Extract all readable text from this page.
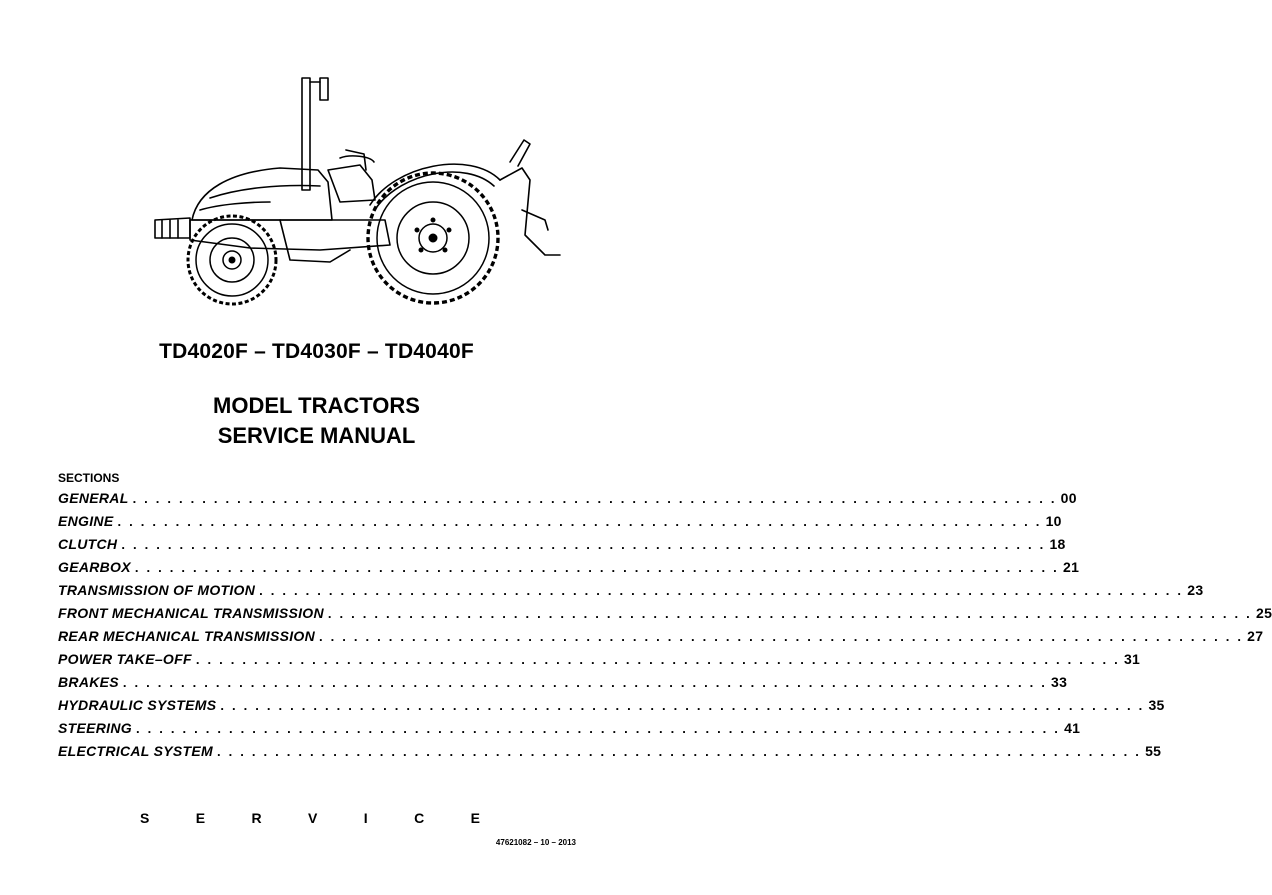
TD4020F – TD4030F – TD4040F
MODEL TRACTORS
SERVICE MANUAL
SECTIONS
GENERAL . . . . . . . . . . . . . . . . . . . . . . . . . . . . . . . . . . . . . . . . . . . . . . . . . . . . . . . . . . . . . . . . . . . . . . . . . . . . . . . . 00
ENGINE . . . . . . . . . . . . . . . . . . . . . . . . . . . . . . . . . . . . . . . . . . . . . . . . . . . . . . . . . . . . . . . . . . . . . . . . . . . . . . . . 10
CLUTCH . . . . . . . . . . . . . . . . . . . . . . . . . . . . . . . . . . . . . . . . . . . . . . . . . . . . . . . . . . . . . . . . . . . . . . . . . . . . . . . . 18
GEARBOX . . . . . . . . . . . . . . . . . . . . . . . . . . . . . . . . . . . . . . . . . . . . . . . . . . . . . . . . . . . . . . . . . . . . . . . . . . . . . . . . 21
TRANSMISSION OF MOTION . . . . . . . . . . . . . . . . . . . . . . . . . . . . . . . . . . . . . . . . . . . . . . . . . . . . . . . . . . . . . . . . . . . . . . . . . . . . . . . . 23
FRONT MECHANICAL TRANSMISSION . . . . . . . . . . . . . . . . . . . . . . . . . . . . . . . . . . . . . . . . . . . . . . . . . . . . . . . . . . . . . . . . . . . . . . . . . . . . . . . . 25
REAR MECHANICAL TRANSMISSION . . . . . . . . . . . . . . . . . . . . . . . . . . . . . . . . . . . . . . . . . . . . . . . . . . . . . . . . . . . . . . . . . . . . . . . . . . . . . . . . 27
POWER TAKE–OFF . . . . . . . . . . . . . . . . . . . . . . . . . . . . . . . . . . . . . . . . . . . . . . . . . . . . . . . . . . . . . . . . . . . . . . . . . . . . . . . . 31
BRAKES . . . . . . . . . . . . . . . . . . . . . . . . . . . . . . . . . . . . . . . . . . . . . . . . . . . . . . . . . . . . . . . . . . . . . . . . . . . . . . . . 33
HYDRAULIC SYSTEMS . . . . . . . . . . . . . . . . . . . . . . . . . . . . . . . . . . . . . . . . . . . . . . . . . . . . . . . . . . . . . . . . . . . . . . . . . . . . . . . . 35
STEERING . . . . . . . . . . . . . . . . . . . . . . . . . . . . . . . . . . . . . . . . . . . . . . . . . . . . . . . . . . . . . . . . . . . . . . . . . . . . . . . . 41
ELECTRICAL SYSTEM . . . . . . . . . . . . . . . . . . . . . . . . . . . . . . . . . . . . . . . . . . . . . . . . . . . . . . . . . . . . . . . . . . . . . . . . . . . . . . . . 55
S	E	R	V	I	C	E
47621082 – 10 – 2013
